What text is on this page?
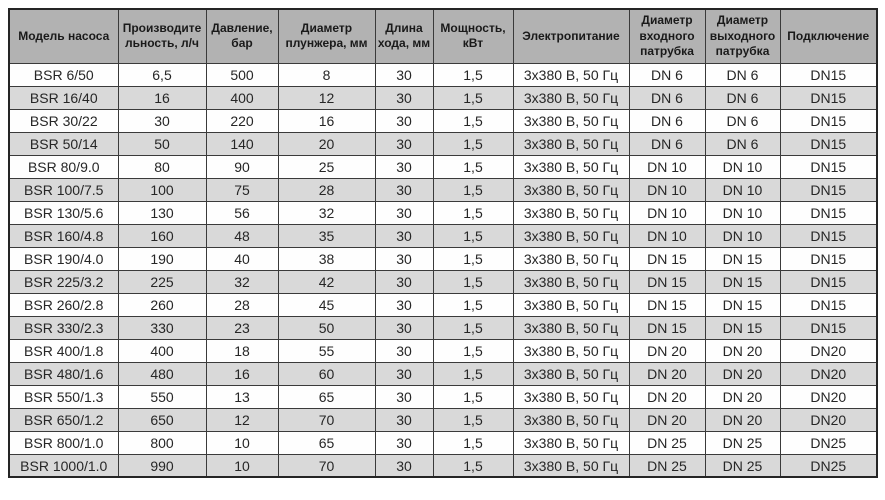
Модель насоса	Производительность, л/ч	Давление, бар	Диаметр плунжера, мм	Длина хода, мм	Мощность, кВт	Электропитание	Диаметр входного патрубка	Диаметр выходного патрубка	Подключение
BSR 6/50	6,5	500	8	30	1,5	3x380 В, 50 Гц	DN 6	DN 6	DN15
BSR 16/40	16	400	12	30	1,5	3x380 В, 50 Гц	DN 6	DN 6	DN15
BSR 30/22	30	220	16	30	1,5	3x380 В, 50 Гц	DN 6	DN 6	DN15
BSR 50/14	50	140	20	30	1,5	3x380 В, 50 Гц	DN 6	DN 6	DN15
BSR 80/9.0	80	90	25	30	1,5	3x380 В, 50 Гц	DN 10	DN 10	DN15
BSR 100/7.5	100	75	28	30	1,5	3x380 В, 50 Гц	DN 10	DN 10	DN15
BSR 130/5.6	130	56	32	30	1,5	3x380 В, 50 Гц	DN 10	DN 10	DN15
BSR 160/4.8	160	48	35	30	1,5	3x380 В, 50 Гц	DN 10	DN 10	DN15
BSR 190/4.0	190	40	38	30	1,5	3x380 В, 50 Гц	DN 15	DN 15	DN15
BSR 225/3.2	225	32	42	30	1,5	3x380 В, 50 Гц	DN 15	DN 15	DN15
BSR 260/2.8	260	28	45	30	1,5	3x380 В, 50 Гц	DN 15	DN 15	DN15
BSR 330/2.3	330	23	50	30	1,5	3x380 В, 50 Гц	DN 15	DN 15	DN15
BSR 400/1.8	400	18	55	30	1,5	3x380 В, 50 Гц	DN 20	DN 20	DN20
BSR 480/1.6	480	16	60	30	1,5	3x380 В, 50 Гц	DN 20	DN 20	DN20
BSR 550/1.3	550	13	65	30	1,5	3x380 В, 50 Гц	DN 20	DN 20	DN20
BSR 650/1.2	650	12	70	30	1,5	3x380 В, 50 Гц	DN 20	DN 20	DN20
BSR 800/1.0	800	10	65	30	1,5	3x380 В, 50 Гц	DN 25	DN 25	DN25
BSR 1000/1.0	990	10	70	30	1,5	3x380 В, 50 Гц	DN 25	DN 25	DN25
